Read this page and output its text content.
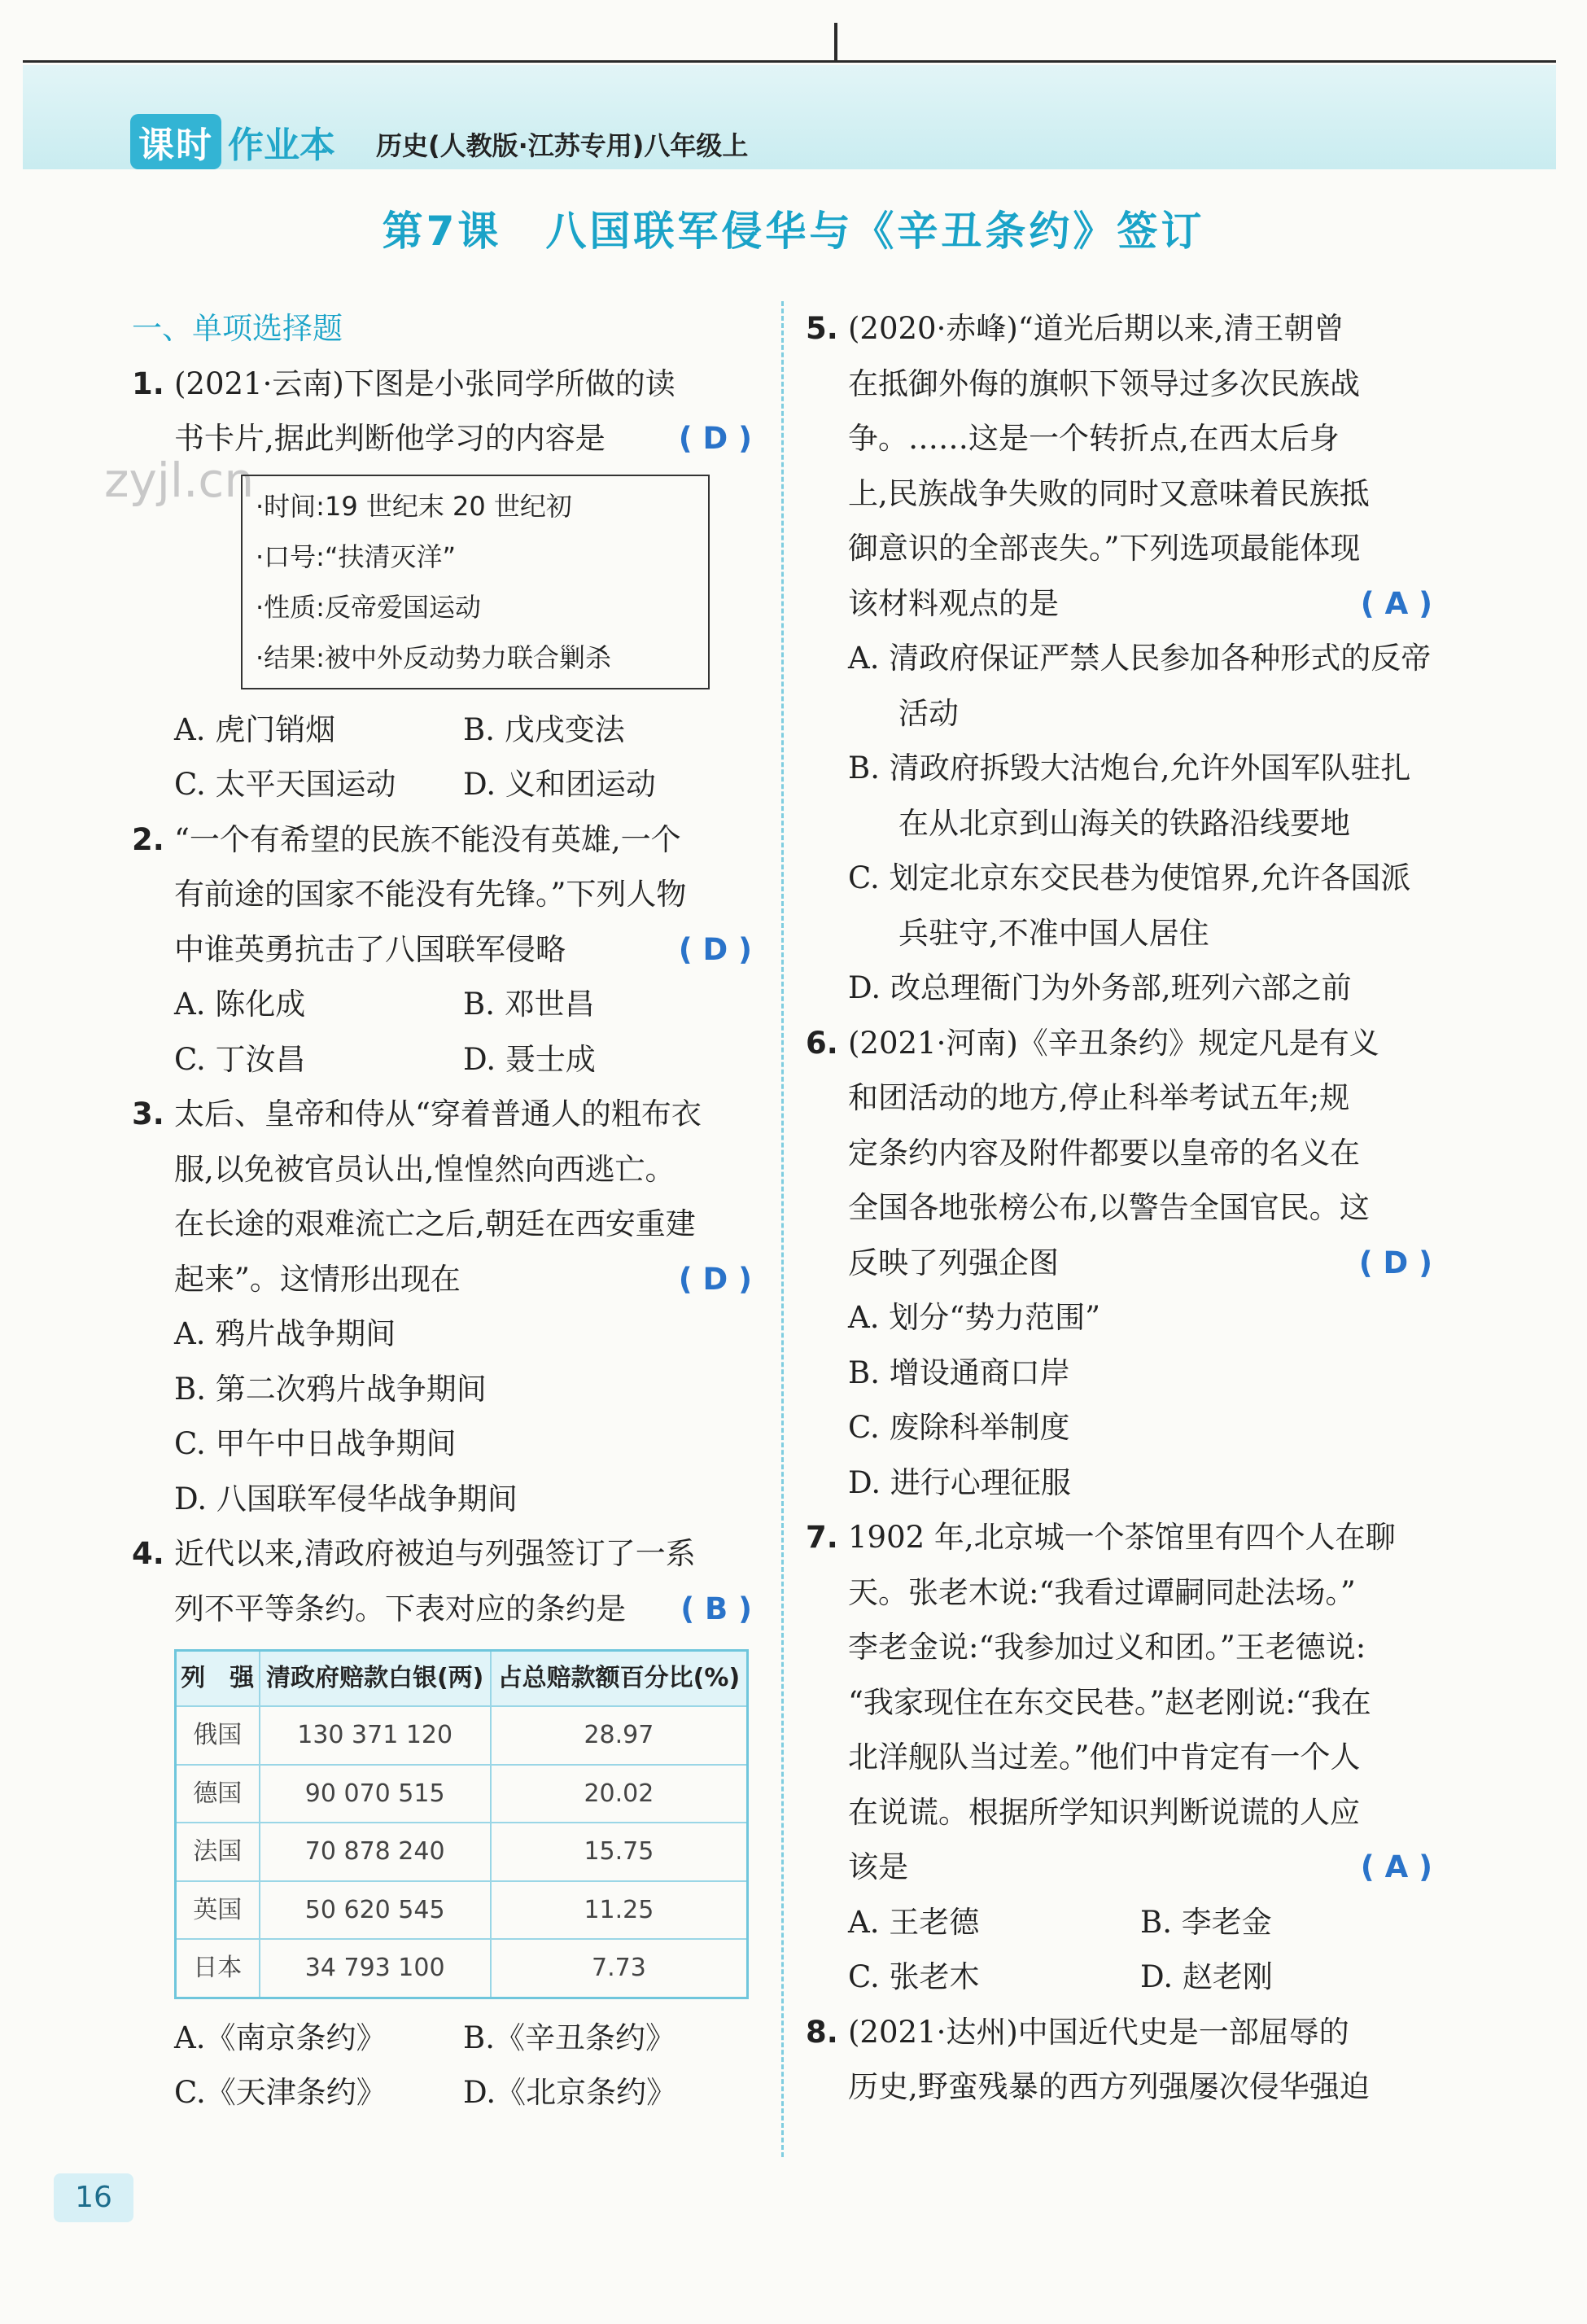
课时 作业本 历史(人教版·江苏专用)八年级上
第7课　八国联军侵华与《辛丑条约》签订
zyjl.cn
一、单项选择题
1. (2021·云南)下图是小张同学所做的读
书卡片,据此判断他学习的内容是 ( D )
·时间:19 世纪末 20 世纪初
·口号:“扶清灭洋”
·性质:反帝爱国运动
·结果:被中外反动势力联合剿杀
A. 虎门销烟	B. 戊戌变法
C. 太平天国运动	D. 义和团运动
2. “一个有希望的民族不能没有英雄,一个
有前途的国家不能没有先锋。”下列人物
中谁英勇抗击了八国联军侵略	( D )
A. 陈化成	B. 邓世昌
C. 丁汝昌	D. 聂士成
3. 太后、皇帝和侍从“穿着普通人的粗布衣
服,以免被官员认出,惶惶然向西逃亡。
在长途的艰难流亡之后,朝廷在西安重建
起来”。这情形出现在	( D )
A. 鸦片战争期间
B. 第二次鸦片战争期间
C. 甲午中日战争期间
D. 八国联军侵华战争期间
4. 近代以来,清政府被迫与列强签订了一系
列不平等条约。下表对应的条约是 ( B )
列　强	清政府赔款白银(两)	占总赔款额百分比(%)
俄国	130 371 120	28.97
德国	90 070 515	20.02
法国	70 878 240	15.75
英国	50 620 545	11.25
日本	34 793 100	7.73
A.《南京条约》	B.《辛丑条约》
C.《天津条约》	D.《北京条约》
5. (2020·赤峰)“道光后期以来,清王朝曾
在抵御外侮的旗帜下领导过多次民族战
争。……这是一个转折点,在西太后身
上,民族战争失败的同时又意味着民族抵
御意识的全部丧失。”下列选项最能体现
该材料观点的是	( A )
A. 清政府保证严禁人民参加各种形式的反帝活动
B. 清政府拆毁大沽炮台,允许外国军队驻扎在从北京到山海关的铁路沿线要地
C. 划定北京东交民巷为使馆界,允许各国派兵驻守,不准中国人居住
D. 改总理衙门为外务部,班列六部之前
6. (2021·河南)《辛丑条约》规定凡是有义
和团活动的地方,停止科举考试五年;规
定条约内容及附件都要以皇帝的名义在
全国各地张榜公布,以警告全国官民。这
反映了列强企图	( D )
A. 划分“势力范围”
B. 增设通商口岸
C. 废除科举制度
D. 进行心理征服
7. 1902 年,北京城一个茶馆里有四个人在聊
天。张老木说:“我看过谭嗣同赴法场。”
李老金说:“我参加过义和团。”王老德说:
“我家现住在东交民巷。”赵老刚说:“我在
北洋舰队当过差。”他们中肯定有一个人
在说谎。根据所学知识判断说谎的人应
该是	( A )
A. 王老德	B. 李老金
C. 张老木	D. 赵老刚
8. (2021·达州)中国近代史是一部屈辱的
历史,野蛮残暴的西方列强屡次侵华强迫
16
